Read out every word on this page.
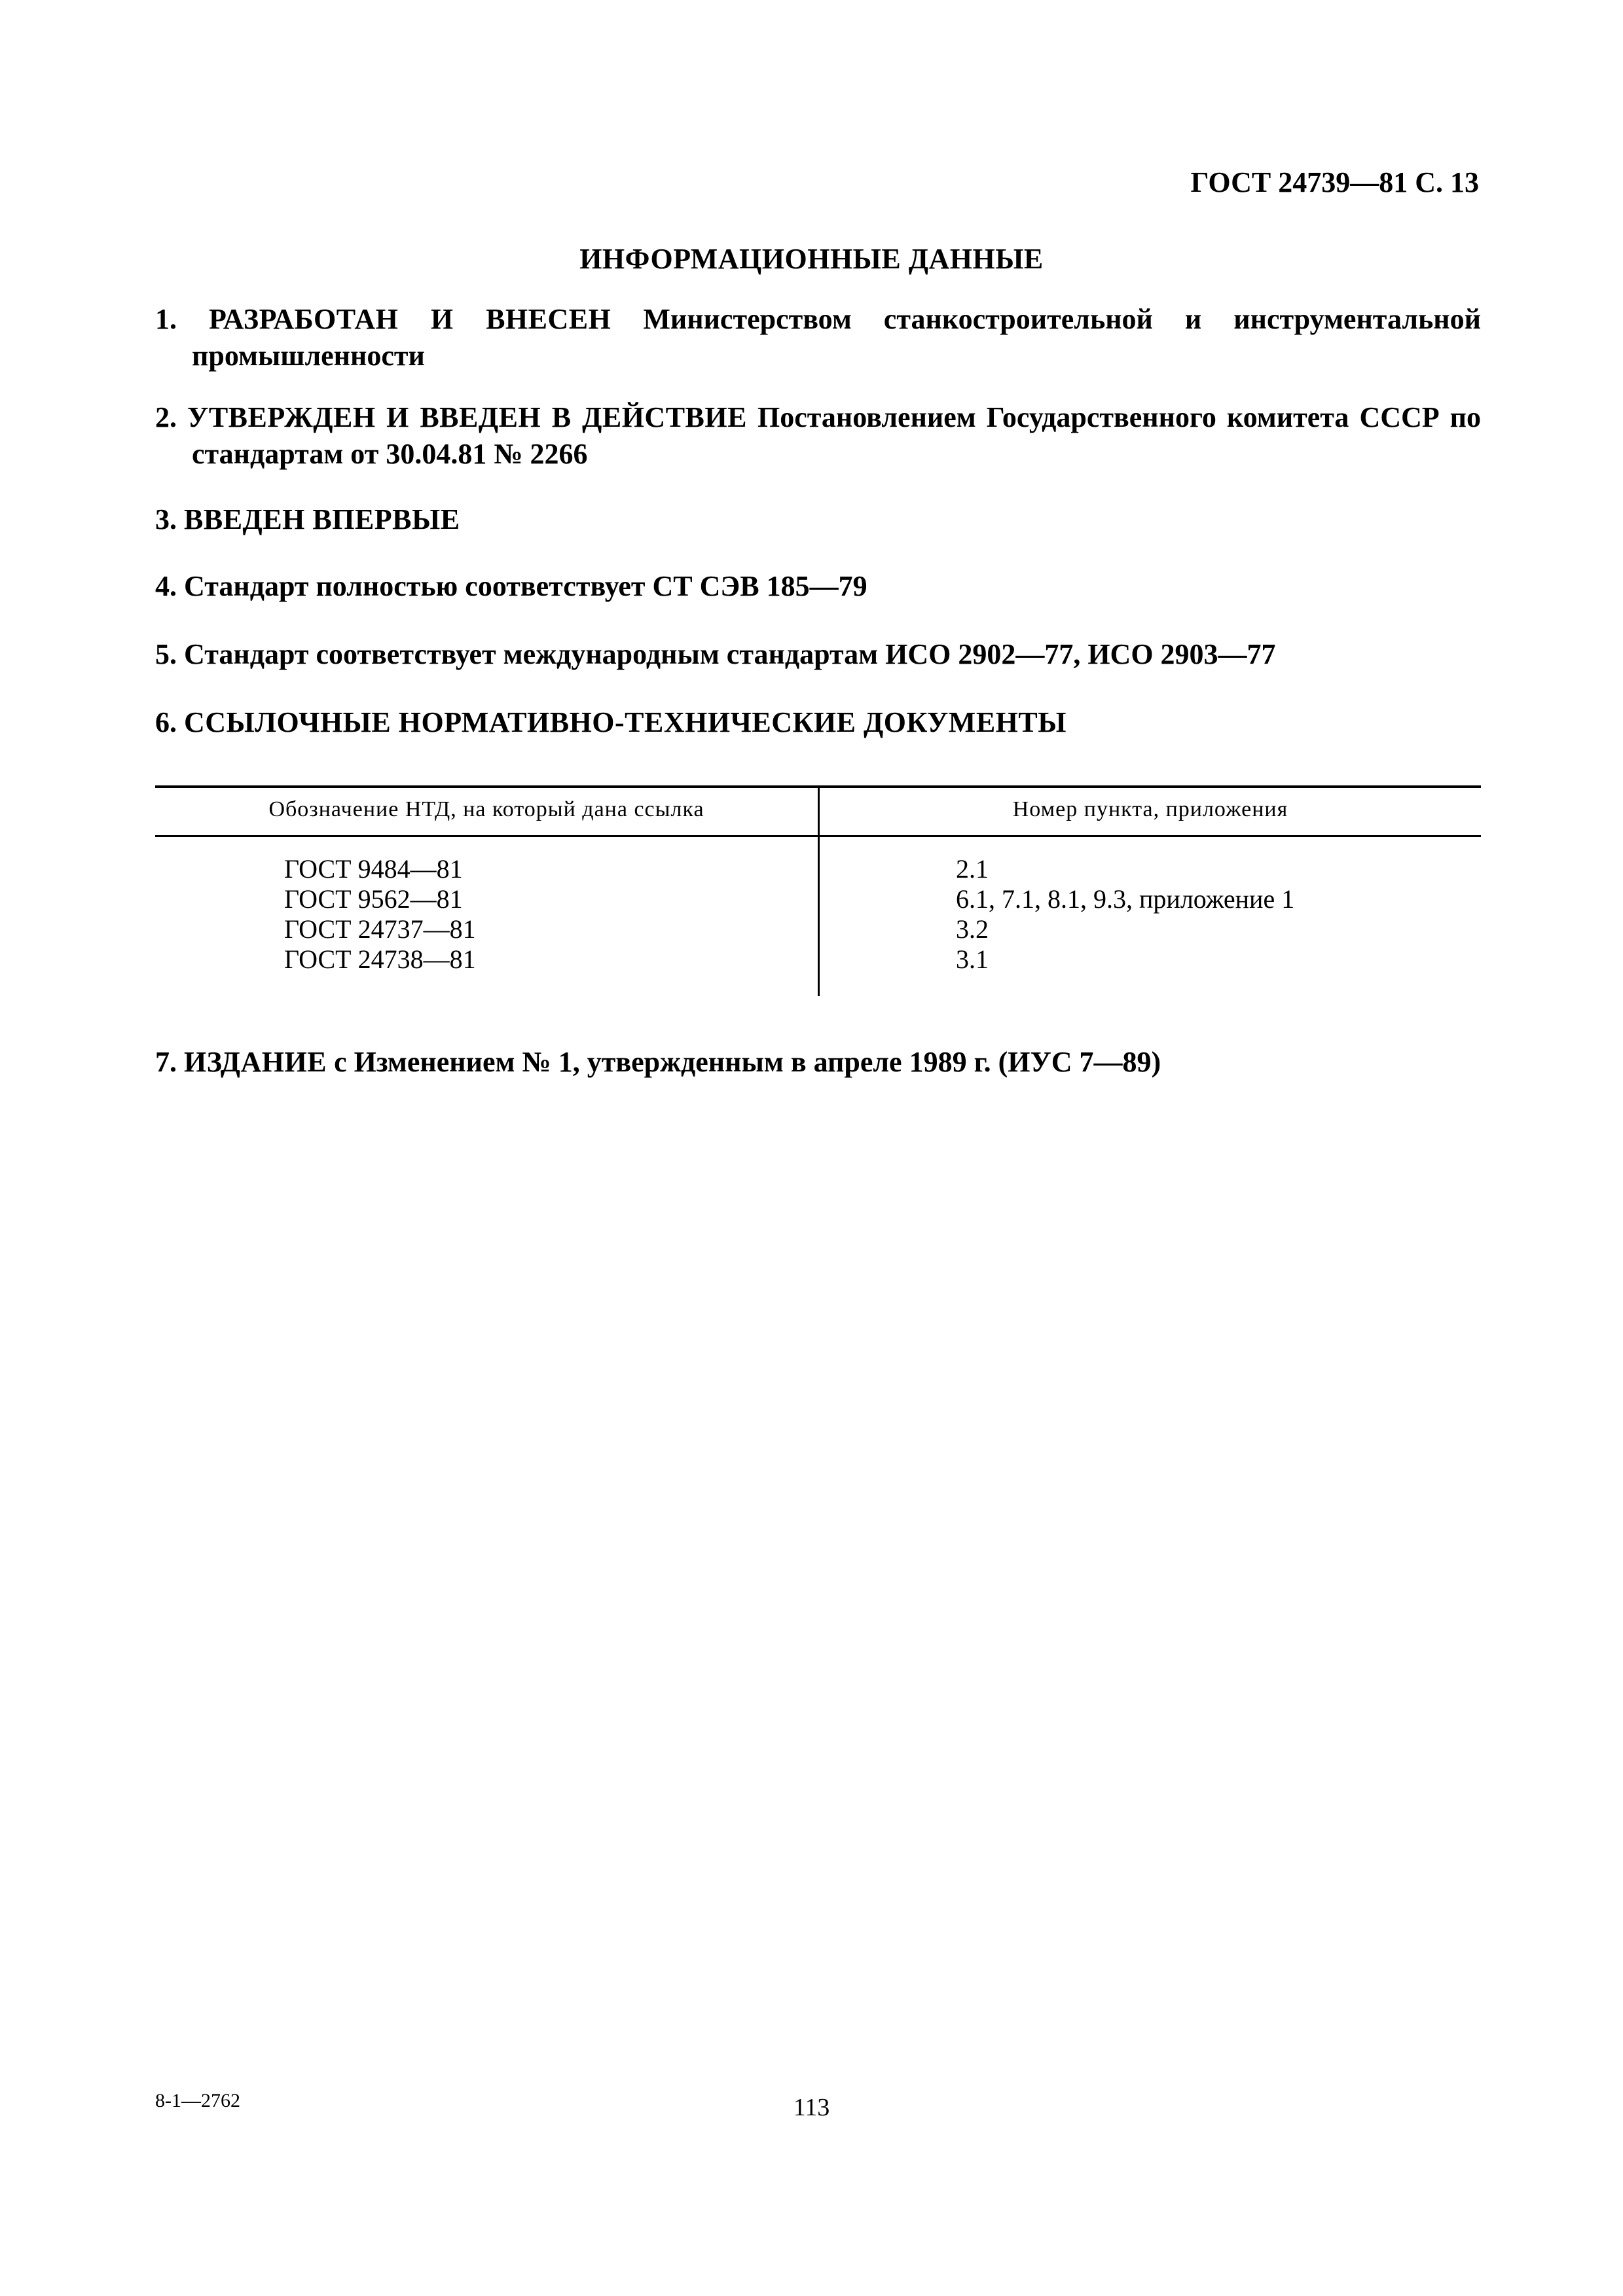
ГОСТ 24739—81 С. 13
ИНФОРМАЦИОННЫЕ ДАННЫЕ
1. РАЗРАБОТАН И ВНЕСЕН Министерством станкостроительной и инструментальной промышленности
2. УТВЕРЖДЕН И ВВЕДЕН В ДЕЙСТВИЕ Постановлением Государственного комитета СССР по стандартам от 30.04.81 № 2266
3. ВВЕДЕН ВПЕРВЫЕ
4. Стандарт полностью соответствует СТ СЭВ 185—79
5. Стандарт соответствует международным стандартам ИСО 2902—77, ИСО 2903—77
6. ССЫЛОЧНЫЕ НОРМАТИВНО-ТЕХНИЧЕСКИЕ ДОКУМЕНТЫ
Обозначение НТД, на который дана ссылка	Номер пункта, приложения
ГОСТ 9484—81
ГОСТ 9562—81
ГОСТ 24737—81
ГОСТ 24738—81
2.1
6.1, 7.1, 8.1, 9.3, приложение 1
3.2
3.1
7. ИЗДАНИЕ с Изменением № 1, утвержденным в апреле 1989 г. (ИУС 7—89)
8-1—2762	113
